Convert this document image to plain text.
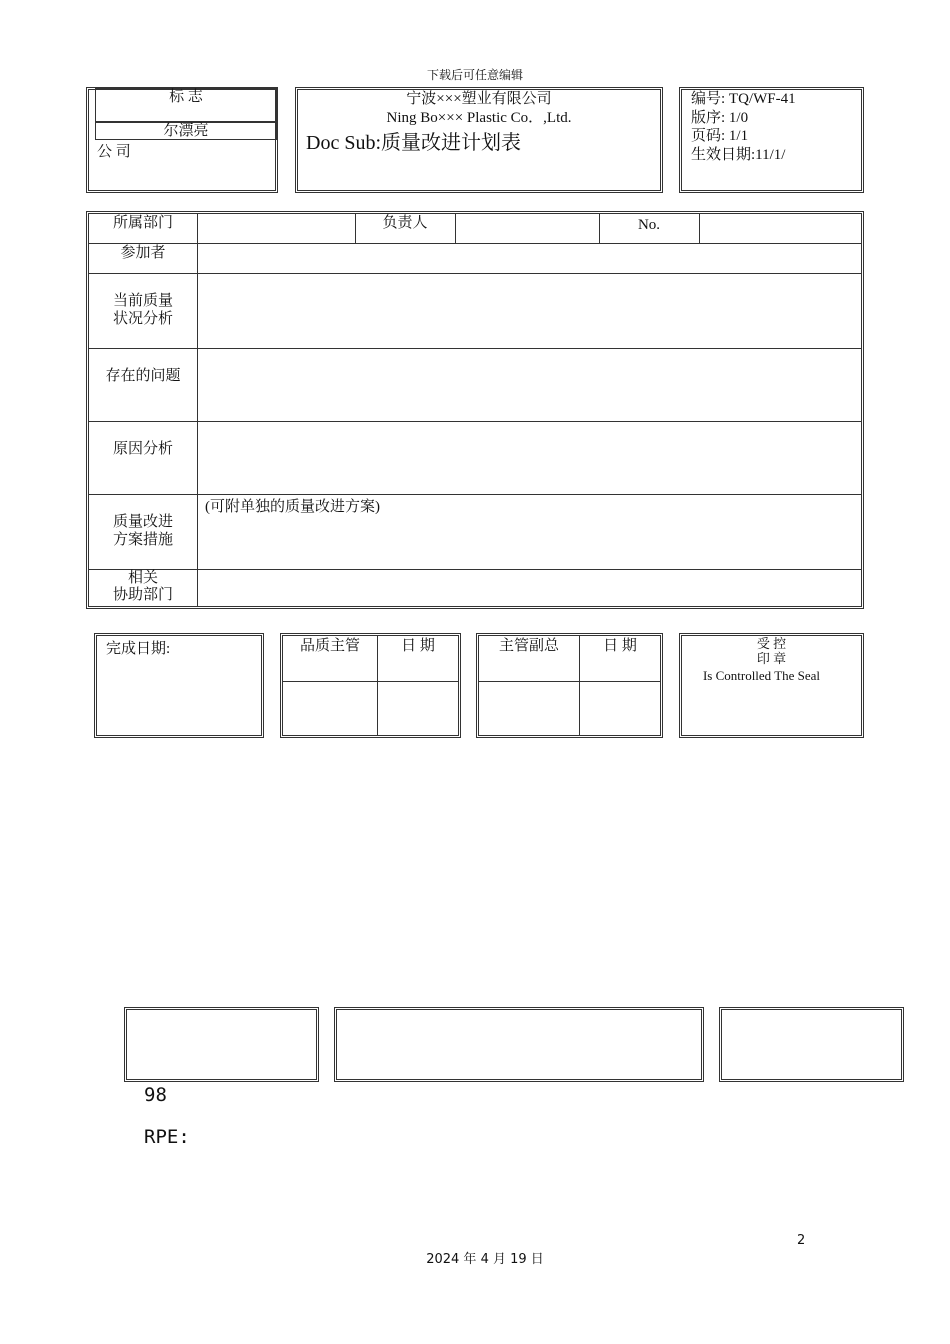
下载后可任意编辑
标 志
尔漂亮
公 司
宁波×××塑业有限公司
Ning Bo××× Plastic Co．,Ltd.
Doc Sub:质量改进计划表
编号: TQ/WF-41
版序: 1/0
页码: 1/1
生效日期:11/1/
所属部门	负责人	No.
参加者
当前质量
状况分析
存在的问题
原因分析
质量改进
方案措施
(可附单独的质量改进方案)
相关
协助部门
完成日期:	品质主管	日 期	主管副总	日 期	受 控
印 章
Is Controlled The Seal
98
RPE:
2
2024 年 4 月 19 日
